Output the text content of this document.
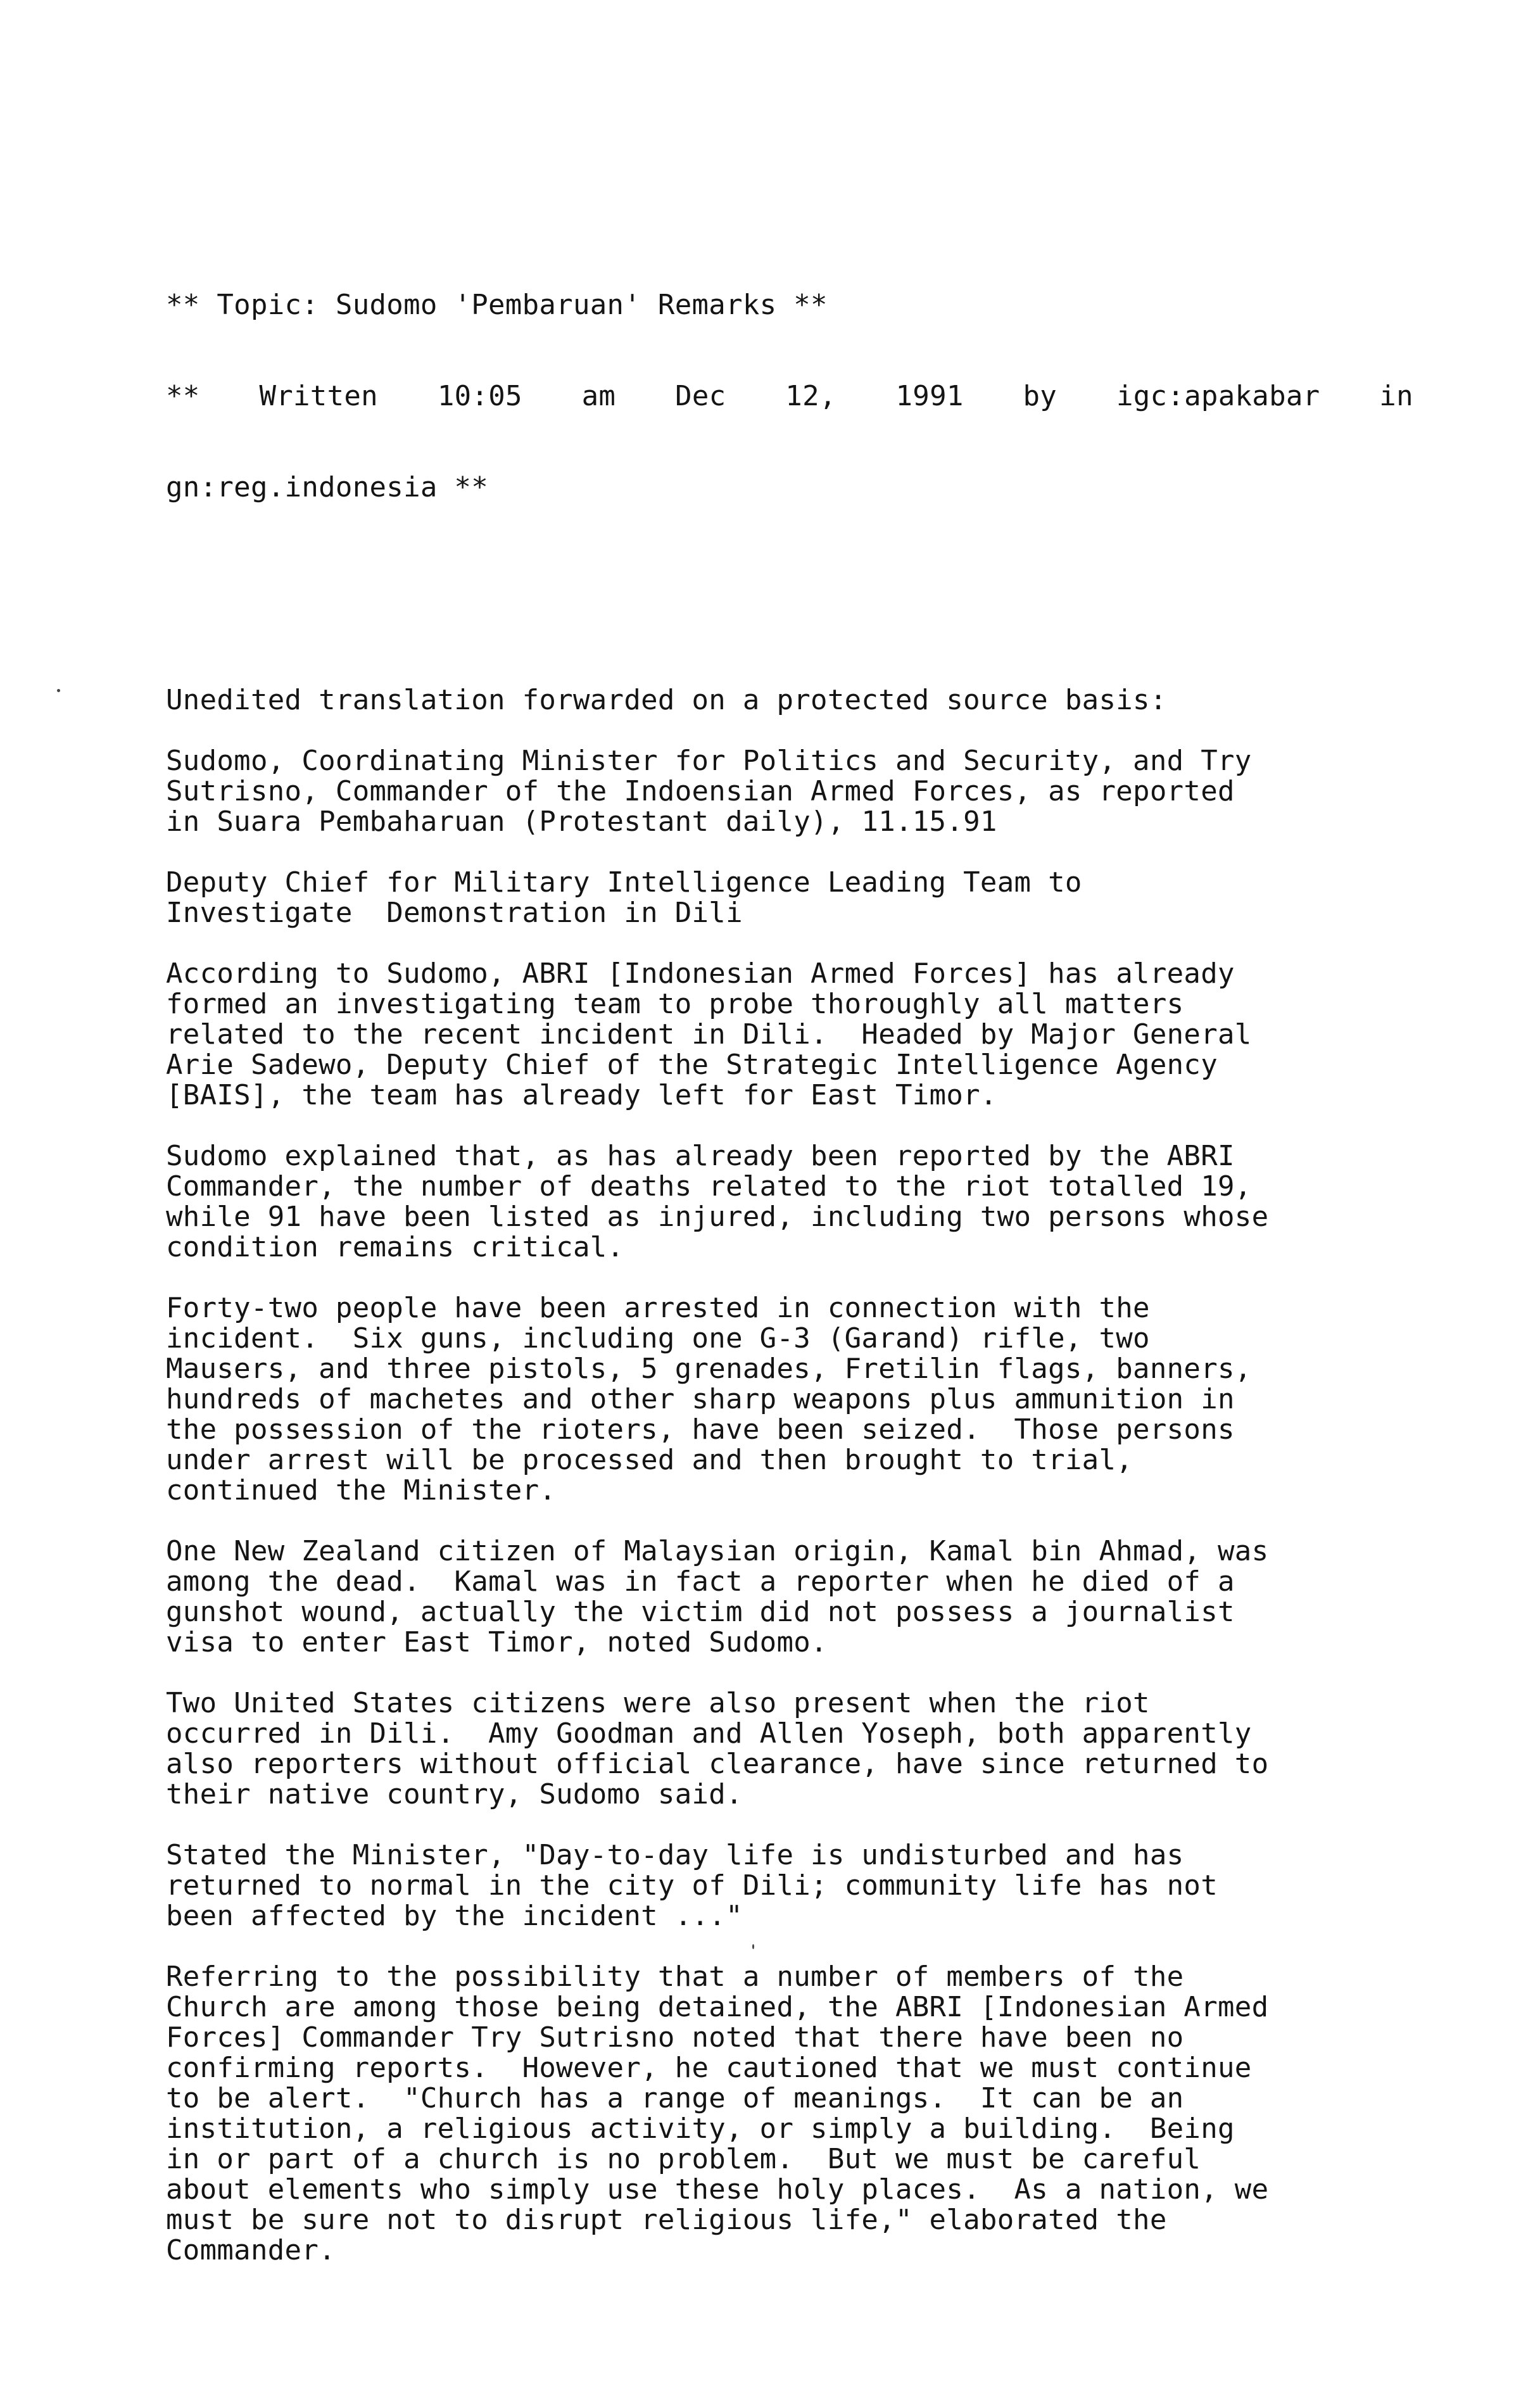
** Topic: Sudomo 'Pembaruan' Remarks **

** Written 10:05 am Dec 12, 1991 by igc:apakabar in

gn:reg.indonesia **

Unedited translation forwarded on a protected source basis:
Sudomo, Coordinating Minister for Politics and Security, and Try
Sutrisno, Commander of the Indoensian Armed Forces, as reported
in Suara Pembaharuan (Protestant daily), 11.15.91
Deputy Chief for Military Intelligence Leading Team to
Investigate  Demonstration in Dili
According to Sudomo, ABRI [Indonesian Armed Forces] has already
formed an investigating team to probe thoroughly all matters
related to the recent incident in Dili.  Headed by Major General
Arie Sadewo, Deputy Chief of the Strategic Intelligence Agency
[BAIS], the team has already left for East Timor.
Sudomo explained that, as has already been reported by the ABRI
Commander, the number of deaths related to the riot totalled 19,
while 91 have been listed as injured, including two persons whose
condition remains critical.
Forty-two people have been arrested in connection with the
incident.  Six guns, including one G-3 (Garand) rifle, two
Mausers, and three pistols, 5 grenades, Fretilin flags, banners,
hundreds of machetes and other sharp weapons plus ammunition in
the possession of the rioters, have been seized.  Those persons
under arrest will be processed and then brought to trial,
continued the Minister.
One New Zealand citizen of Malaysian origin, Kamal bin Ahmad, was
among the dead.  Kamal was in fact a reporter when he died of a
gunshot wound, actually the victim did not possess a journalist
visa to enter East Timor, noted Sudomo.
Two United States citizens were also present when the riot
occurred in Dili.  Amy Goodman and Allen Yoseph, both apparently
also reporters without official clearance, have since returned to
their native country, Sudomo said.
Stated the Minister, "Day-to-day life is undisturbed and has
returned to normal in the city of Dili; community life has not
been affected by the incident ..."
Referring to the possibility that a number of members of the
Church are among those being detained, the ABRI [Indonesian Armed
Forces] Commander Try Sutrisno noted that there have been no
confirming reports.  However, he cautioned that we must continue
to be alert.  "Church has a range of meanings.  It can be an
institution, a religious activity, or simply a building.  Being
in or part of a church is no problem.  But we must be careful
about elements who simply use these holy places.  As a nation, we
must be sure not to disrupt religious life," elaborated the
Commander.
